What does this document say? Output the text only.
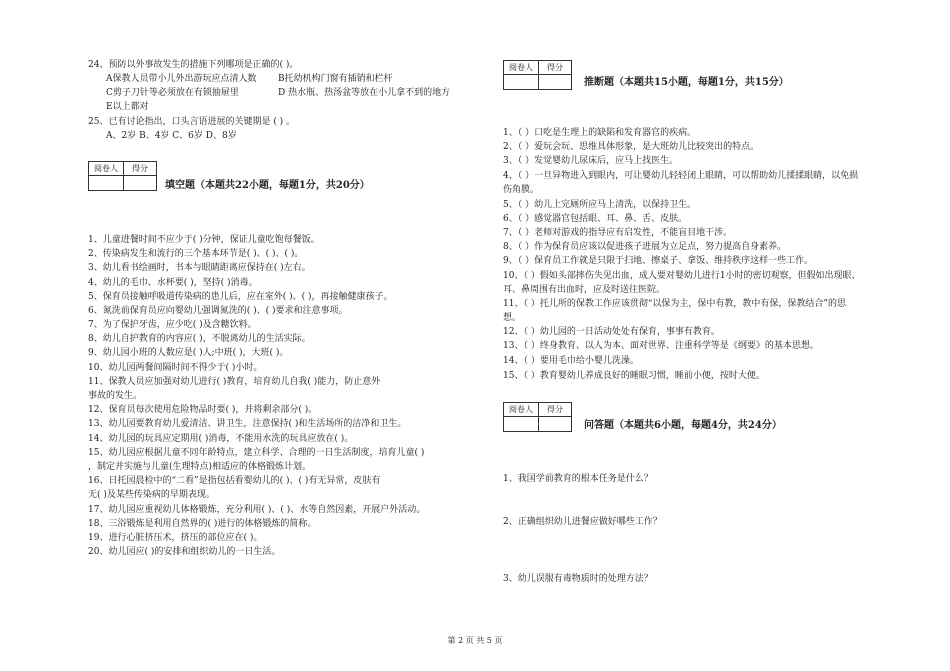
24、预防以外事故发生的措施下列哪项是正确的( )。
A保教人员带小儿外出游玩应点清人数 B托幼机构门窗有插销和栏杆
C剪子刀针等必须放在有锁抽屉里	D 热水瓶、热汤盆等放在小儿拿不到的地方
E以上都对
25、已有讨论指出，口头言语进展的关键期是 ( ) 。
A、2岁 B、4岁 C、6岁 D、8岁
阅卷人	得分

填空题（本题共22小题，每题1分，共20分）
1、儿童进餐时间不应少于( )分钟，保证儿童吃饱每餐饭。
2、传染病发生和流行的三个基本环节是( )、( )、( )。
3、幼儿看书绘画时，书本与眼睛距离应保持在( )左右。
4、幼儿的毛巾、水杯要( )，坚持( )消毒。
5、保育员接触呼吸道传染病的患儿后，应在室外( )、( )，再接触健康孩子。
6、氮洗前保育员应向婴幼儿强调氮洗的( )、( )要求和注意事项。
7、为了保护牙齿，应少吃( )及含糖饮料。
8、幼儿自护教育的内容应( )，不脱离幼儿的生活实际。
9、幼儿园小班的人数应是( )人;中班( )，大班( )。
10、幼儿园两餐间隔时间不得少于( )小时。
11、保教人员应加强对幼儿进行( )教育，培育幼儿自我( )能力，防止意外
事故的发生。
12、保育员每次使用危险物品时要( )，并将剩余部分( )。
13、幼儿园要教育幼儿爱清洁、讲卫生，注意保持( )和生活场所的洁净和卫生。
14、幼儿园的玩具应定期用( )消毒，不能用水洗的玩具应放在( )。
15、幼儿园应根据儿童不同年龄特点，建立科学、合理的一日生活制度，培育儿童( )
，制定并实施与儿童(生理特点)相适应的体格锻炼计划。
16、日托园晨检中的“二看”是指包括看婴幼儿的( )、( )有无异常，皮肤有
无( )及某些传染病的早期表现。
17、幼儿园应重视幼儿体格锻炼，充分利用( )、( )、水等自然因素，开展户外活动。
18、三浴锻炼是利用自然界的( )进行的体格锻炼的简称。
19、进行心脏挤压术，挤压的部位应在( )。
20、幼儿园应( )的安排和组织幼儿的一日生活。
阅卷人	得分

推断题（本题共15小题，每题1分，共15分）
1、（ ）口吃是生理上的缺陷和发育器官的疾病。
2、（ ）爱玩会玩、思维具体形象，是大班幼儿比较突出的特点。
3、（ ）发觉婴幼儿尿床后，应马上找医生。
4、（ ）一旦异物进入到眼内，可让婴幼儿轻轻闭上眼睛，可以帮助幼儿揉揉眼睛，以免损
伤角膜。
5、（ ）幼儿上完厕所应马上清洗，以保持卫生。
6、（ ）感觉器官包括眼、耳、鼻、舌、皮肤。
7、（ ）老师对游戏的指导应有启发性，不能盲目地干涉。
8、（ ）作为保育员应该以促进孩子进展为立足点，努力提高自身素养。
9、（ ）保育员工作就是只限于扫地、擦桌子、拿饭、维持秩序这样一些工作。
10、（ ）假如头部摔伤失见出血，成人要对婴幼儿进行1小时的密切观察，但假如出现眼、
耳、鼻周围有出血时，应及时送往医院。
11、（ ）托儿所的保教工作应该贯彻“以保为主，保中有教，教中有保，保教结合”的思
想。
12、（ ）幼儿园的一日活动处处有保育，事事有教育。
13、（ ）终身教育、以人为本、面对世界、注重科学等是《纲要》的基本思想。
14、（ ）要用毛巾给小婴儿洗澡。
15、（ ）教育婴幼儿养成良好的睡眠习惯，睡前小便，按时大便。
阅卷人	得分

问答题（本题共6小题，每题4分，共24分）
1、我国学前教育的根本任务是什么？
2、正确组织幼儿进餐应做好哪些工作？
3、幼儿误服有毒物质时的处理方法？
第 2 页 共 5 页
